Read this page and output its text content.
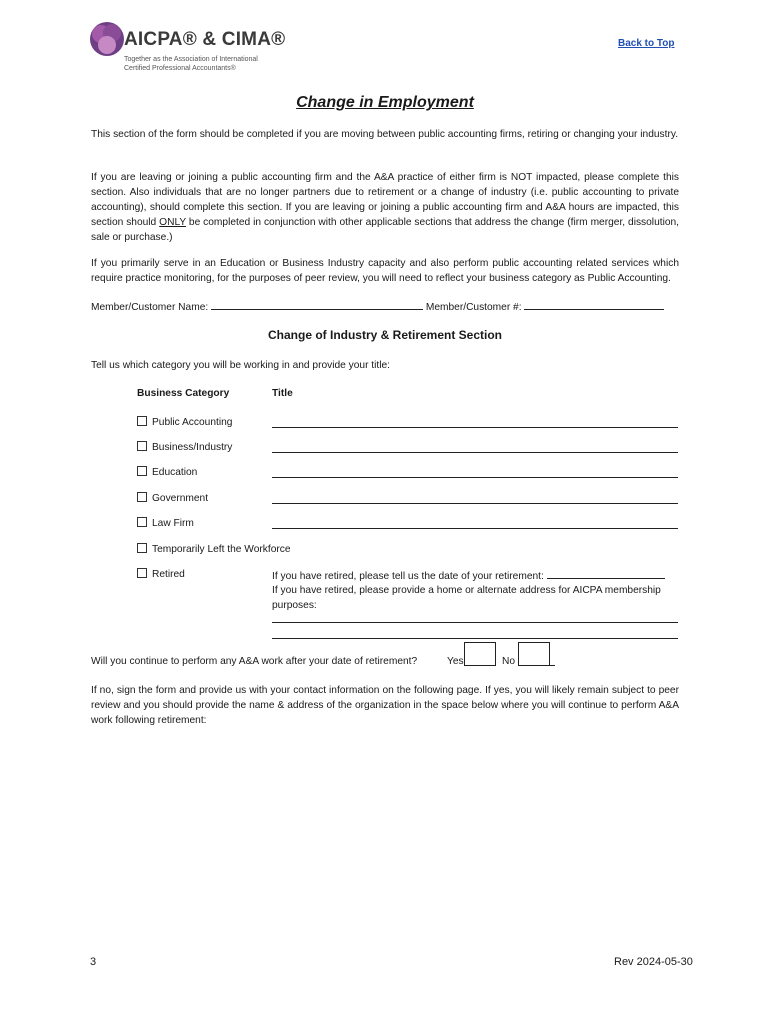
AICPA® & CIMA®
Together as the Association of International Certified Professional Accountants®
Back to Top
Change in Employment
This section of the form should be completed if you are moving between public accounting firms, retiring or changing your industry.
If you are leaving or joining a public accounting firm and the A&A practice of either firm is NOT impacted, please complete this section. Also individuals that are no longer partners due to retirement or a change of industry (i.e. public accounting to private accounting), should complete this section. If you are leaving or joining a public accounting firm and A&A hours are impacted, this section should ONLY be completed in conjunction with other applicable sections that address the change (firm merger, dissolution, sale or purchase.)
If you primarily serve in an Education or Business Industry capacity and also perform public accounting related services which require practice monitoring, for the purposes of peer review, you will need to reflect your business category as Public Accounting.
Member/Customer Name:	Member/Customer #:
Change of Industry & Retirement Section
Tell us which category you will be working in and provide your title:
Business Category	Title
Public Accounting
Business/Industry
Education
Government
Law Firm
Temporarily Left the Workforce
Retired	If you have retired, please tell us the date of your retirement:
If you have retired, please provide a home or alternate address for AICPA membership purposes:
Will you continue to perform any A&A work after your date of retirement?	Yes	No
If no, sign the form and provide us with your contact information on the following page. If yes, you will likely remain subject to peer review and you should provide the name & address of the organization in the space below where you will continue to perform A&A work following retirement:
3	Rev 2024-05-30
